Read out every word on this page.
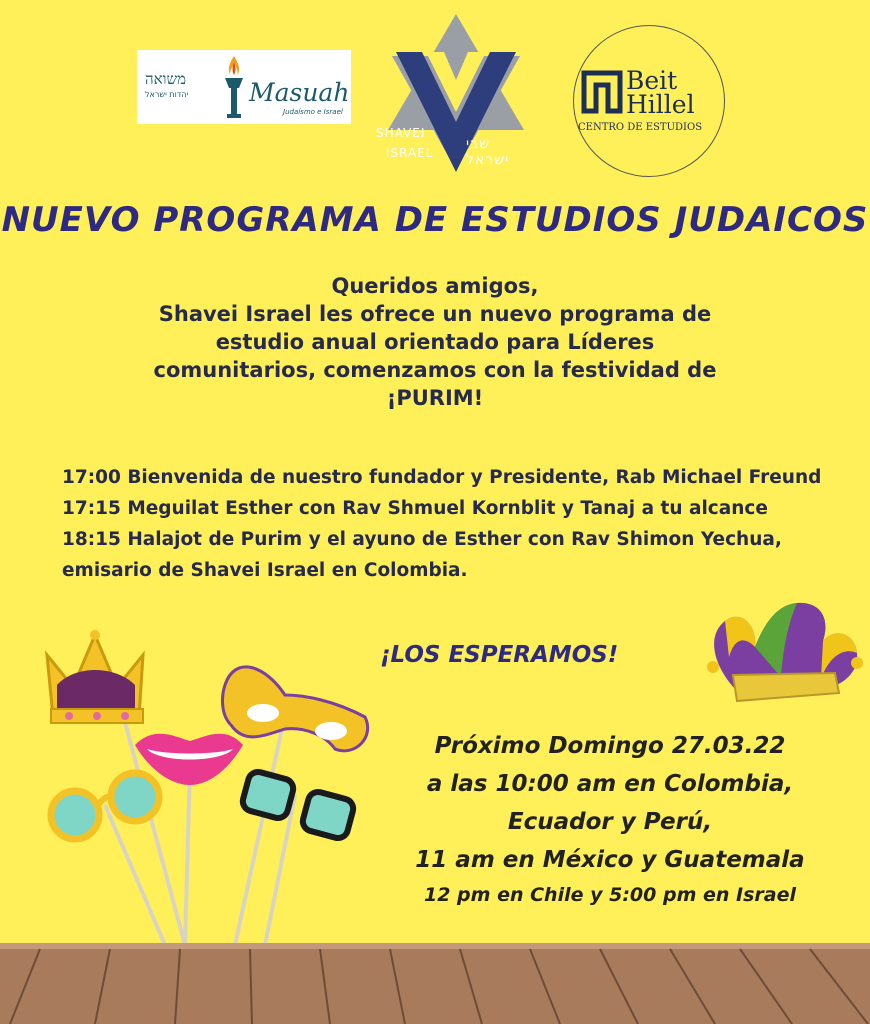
משואה
יהדות ישראל Masuah
Judaísmo e Israel
SHAVEI
ISRAEL
שבי ישראל
Beit
Hillel
CENTRO DE ESTUDIOS
NUEVO PROGRAMA DE ESTUDIOS JUDAICOS
Queridos amigos,
Shavei Israel les ofrece un nuevo programa de
estudio anual orientado para Líderes
comunitarios, comenzamos con la festividad de
¡PURIM!
17:00 Bienvenida de nuestro fundador y Presidente, Rab Michael Freund
17:15 Meguilat Esther con Rav Shmuel Kornblit y Tanaj a tu alcance
18:15 Halajot de Purim y el ayuno de Esther con Rav Shimon Yechua,
emisario de Shavei Israel en Colombia.
¡LOS ESPERAMOS!
Próximo Domingo 27.03.22
a las 10:00 am en Colombia,
Ecuador y Perú,
11 am en México y Guatemala
12 pm en Chile y 5:00 pm en Israel
